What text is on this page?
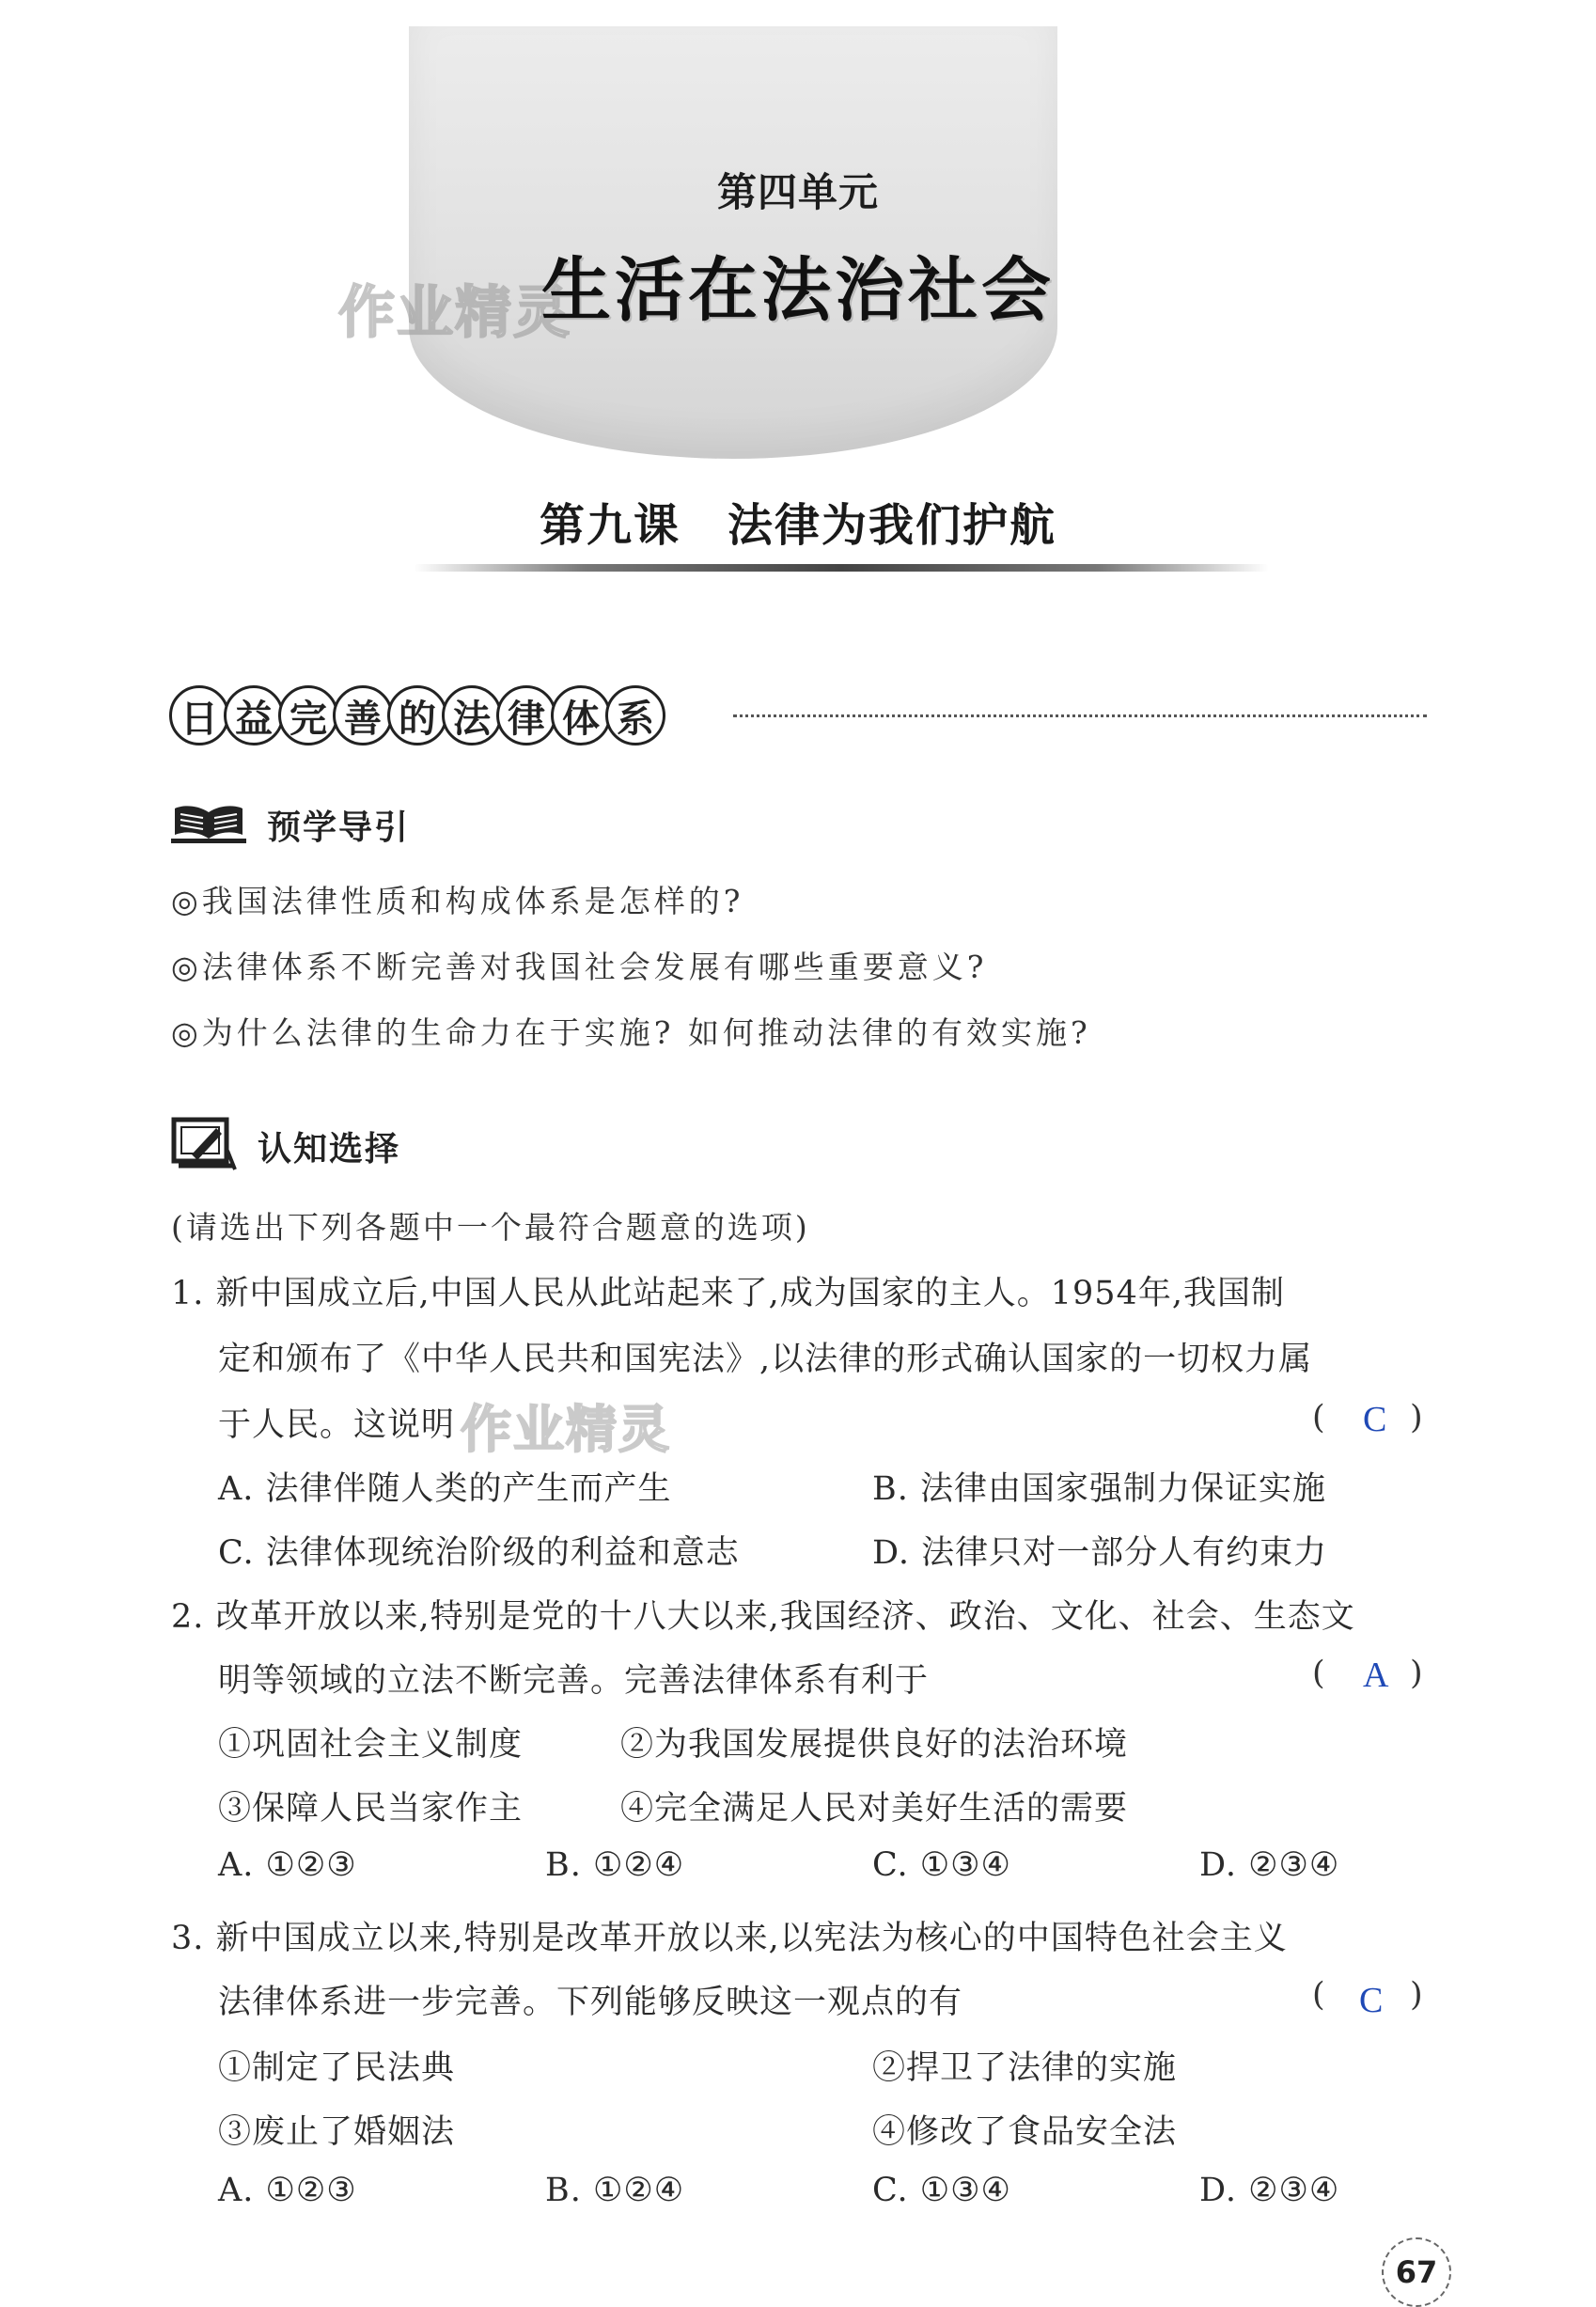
第四单元
作业精灵
生活在法治社会
第九课　法律为我们护航
日 益 完 善 的 法 律 体 系
预学导引
◎我国法律性质和构成体系是怎样的?
◎法律体系不断完善对我国社会发展有哪些重要意义?
◎为什么法律的生命力在于实施? 如何推动法律的有效实施?
认知选择
(请选出下列各题中一个最符合题意的选项)
1. 新中国成立后,中国人民从此站起来了,成为国家的主人。1954年,我国制
定和颁布了《中华人民共和国宪法》,以法律的形式确认国家的一切权力属
于人民。这说明 作业精灵	( C )
A. 法律伴随人类的产生而产生	B. 法律由国家强制力保证实施
C. 法律体现统治阶级的利益和意志	D. 法律只对一部分人有约束力
2. 改革开放以来,特别是党的十八大以来,我国经济、政治、文化、社会、生态文
明等领域的立法不断完善。完善法律体系有利于	( A )
①巩固社会主义制度	②为我国发展提供良好的法治环境
③保障人民当家作主	④完全满足人民对美好生活的需要
A. ①②③	B. ①②④	C. ①③④	D. ②③④
3. 新中国成立以来,特别是改革开放以来,以宪法为核心的中国特色社会主义
法律体系进一步完善。下列能够反映这一观点的有	( C )
①制定了民法典	②捍卫了法律的实施
③废止了婚姻法	④修改了食品安全法
A. ①②③	B. ①②④	C. ①③④	D. ②③④
67
